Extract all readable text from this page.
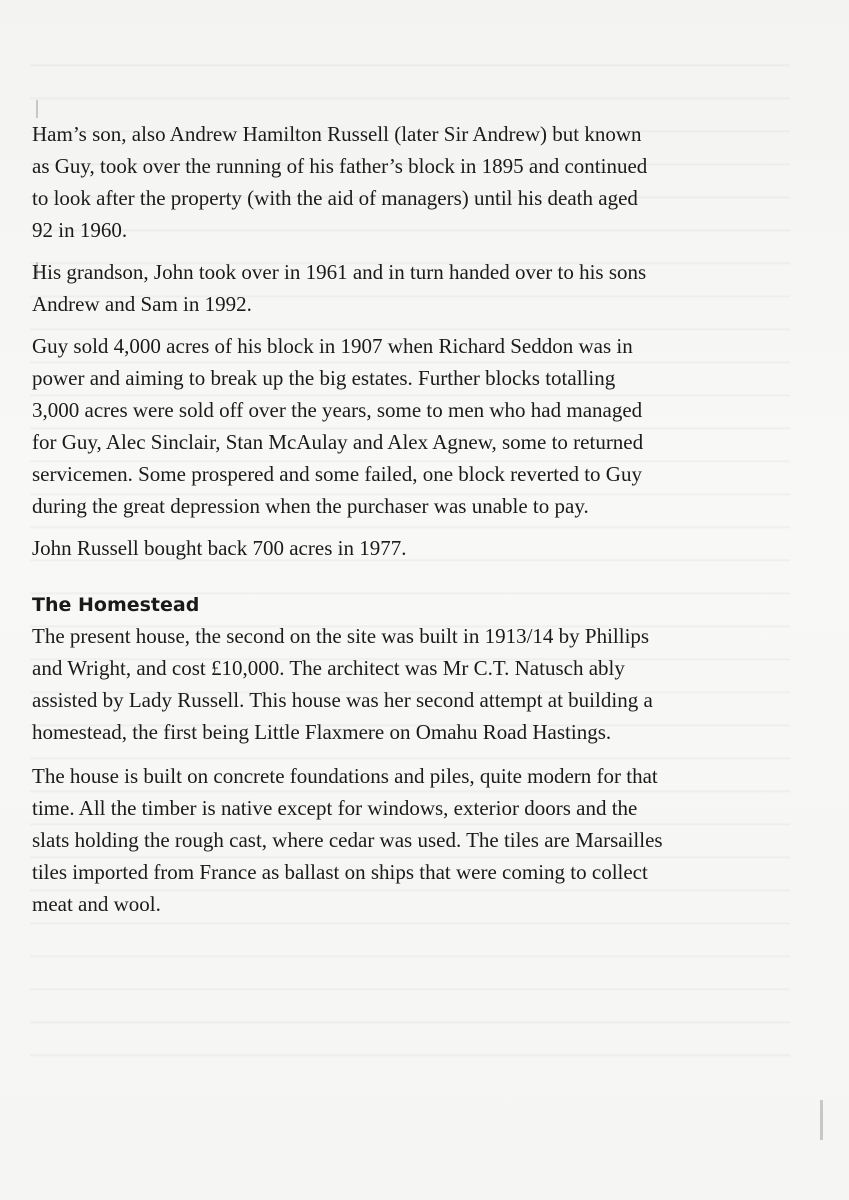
Ham’s son, also Andrew Hamilton Russell (later Sir Andrew) but known
as Guy, took over the running of his father’s block in 1895 and continued
to look after the property (with the aid of managers) until his death aged
92 in 1960.

His grandson, John took over in 1961 and in turn handed over to his sons
Andrew and Sam in 1992.

Guy sold 4,000 acres of his block in 1907 when Richard Seddon was in
power and aiming to break up the big estates. Further blocks totalling
3,000 acres were sold off over the years, some to men who had managed
for Guy, Alec Sinclair, Stan McAulay and Alex Agnew, some to returned
servicemen. Some prospered and some failed, one block reverted to Guy
during the great depression when the purchaser was unable to pay.

John Russell bought back 700 acres in 1977.

The Homestead

The present house, the second on the site was built in 1913/14 by Phillips
and Wright, and cost £10,000. The architect was Mr C.T. Natusch ably
assisted by Lady Russell. This house was her second attempt at building a
homestead, the first being Little Flaxmere on Omahu Road Hastings.

The house is built on concrete foundations and piles, quite modern for that
time. All the timber is native except for windows, exterior doors and the
slats holding the rough cast, where cedar was used. The tiles are Marsailles
tiles imported from France as ballast on ships that were coming to collect
meat and wool.
